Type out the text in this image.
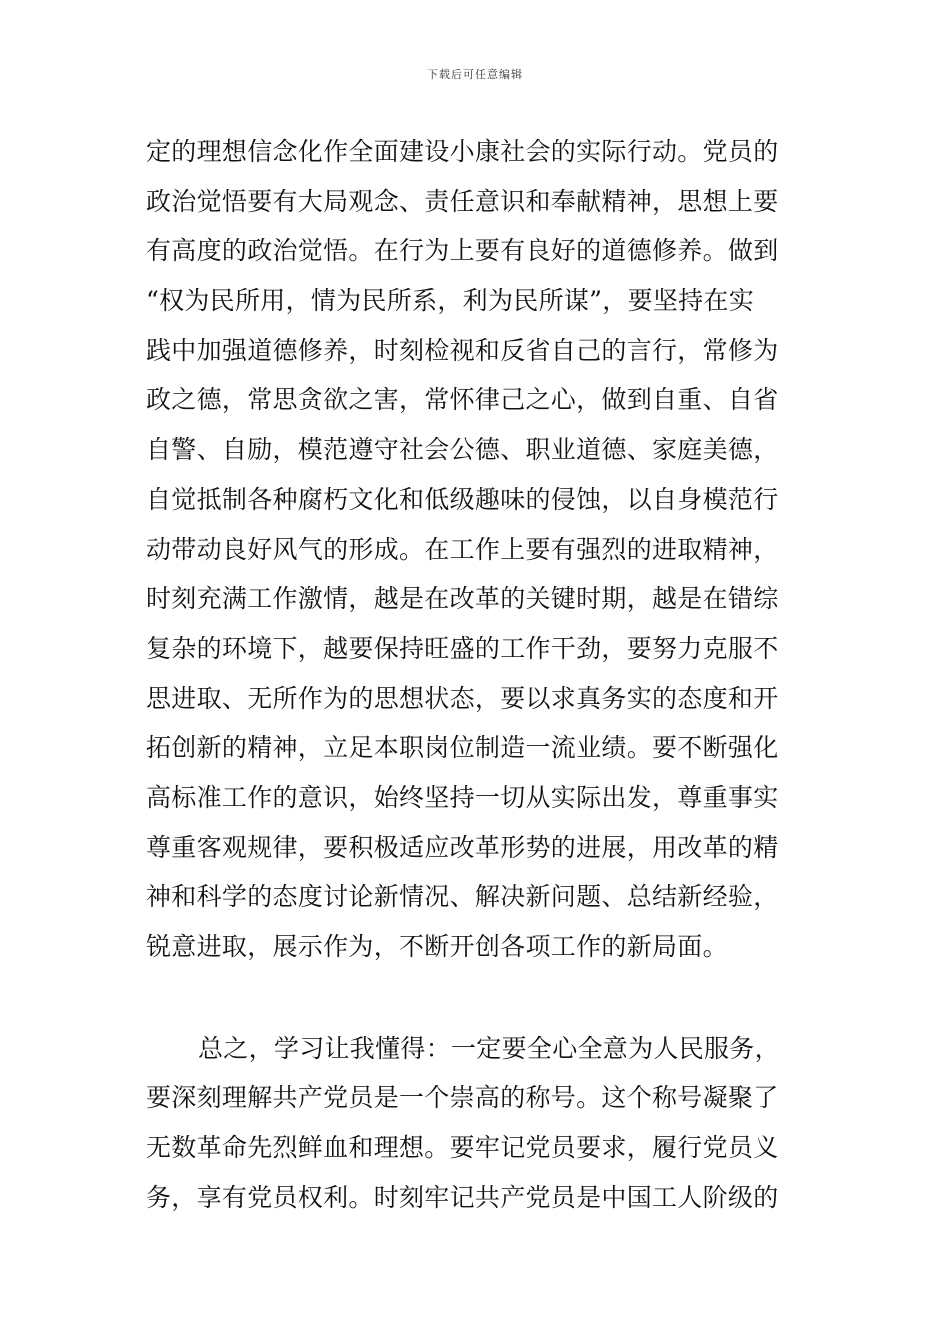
下载后可任意编辑
定的理想信念化作全面建设小康社会的实际行动。党员的
政治觉悟要有大局观念、责任意识和奉献精神，思想上要
有高度的政治觉悟。在行为上要有良好的道德修养。做到
“权为民所用，情为民所系，利为民所谋”，要坚持在实
践中加强道德修养，时刻检视和反省自己的言行，常修为
政之德，常思贪欲之害，常怀律己之心，做到自重、自省
自警、自励，模范遵守社会公德、职业道德、家庭美德，
自觉抵制各种腐朽文化和低级趣味的侵蚀，以自身模范行
动带动良好风气的形成。在工作上要有强烈的进取精神，
时刻充满工作激情，越是在改革的关键时期，越是在错综
复杂的环境下，越要保持旺盛的工作干劲，要努力克服不
思进取、无所作为的思想状态，要以求真务实的态度和开
拓创新的精神，立足本职岗位制造一流业绩。要不断强化
高标准工作的意识，始终坚持一切从实际出发，尊重事实
尊重客观规律，要积极适应改革形势的进展，用改革的精
神和科学的态度讨论新情况、解决新问题、总结新经验，
锐意进取，展示作为，不断开创各项工作的新局面。
总之，学习让我懂得：一定要全心全意为人民服务，
要深刻理解共产党员是一个崇高的称号。这个称号凝聚了
无数革命先烈鲜血和理想。要牢记党员要求，履行党员义
务，享有党员权利。时刻牢记共产党员是中国工人阶级的
